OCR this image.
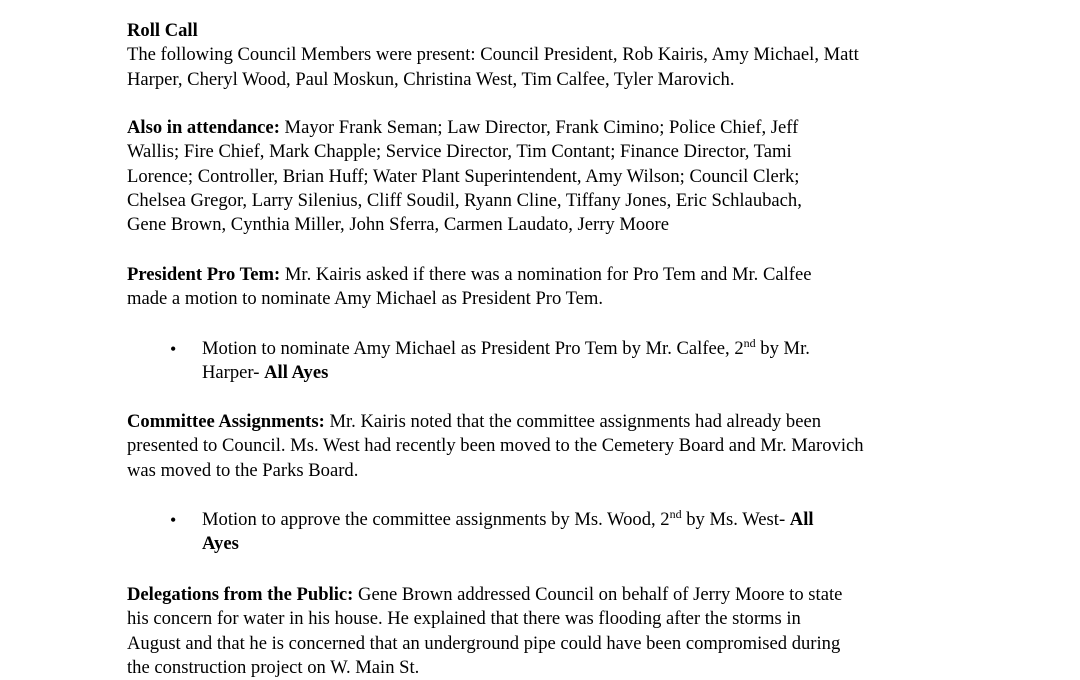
Roll Call
The following Council Members were present: Council President, Rob Kairis, Amy Michael, Matt
Harper, Cheryl Wood, Paul Moskun, Christina West, Tim Calfee, Tyler Marovich.
Also in attendance: Mayor Frank Seman; Law Director, Frank Cimino; Police Chief, Jeff
Wallis; Fire Chief, Mark Chapple; Service Director, Tim Contant; Finance Director, Tami
Lorence; Controller, Brian Huff; Water Plant Superintendent, Amy Wilson; Council Clerk;
Chelsea Gregor, Larry Silenius, Cliff Soudil, Ryann Cline, Tiffany Jones, Eric Schlaubach,
Gene Brown, Cynthia Miller, John Sferra, Carmen Laudato, Jerry Moore
President Pro Tem: Mr. Kairis asked if there was a nomination for Pro Tem and Mr. Calfee
made a motion to nominate Amy Michael as President Pro Tem.
• Motion to nominate Amy Michael as President Pro Tem by Mr. Calfee, 2nd by Mr.
Harper- All Ayes
Committee Assignments: Mr. Kairis noted that the committee assignments had already been
presented to Council. Ms. West had recently been moved to the Cemetery Board and Mr. Marovich
was moved to the Parks Board.
• Motion to approve the committee assignments by Ms. Wood, 2nd by Ms. West- All
Ayes
Delegations from the Public: Gene Brown addressed Council on behalf of Jerry Moore to state
his concern for water in his house. He explained that there was flooding after the storms in
August and that he is concerned that an underground pipe could have been compromised during
the construction project on W. Main St.
